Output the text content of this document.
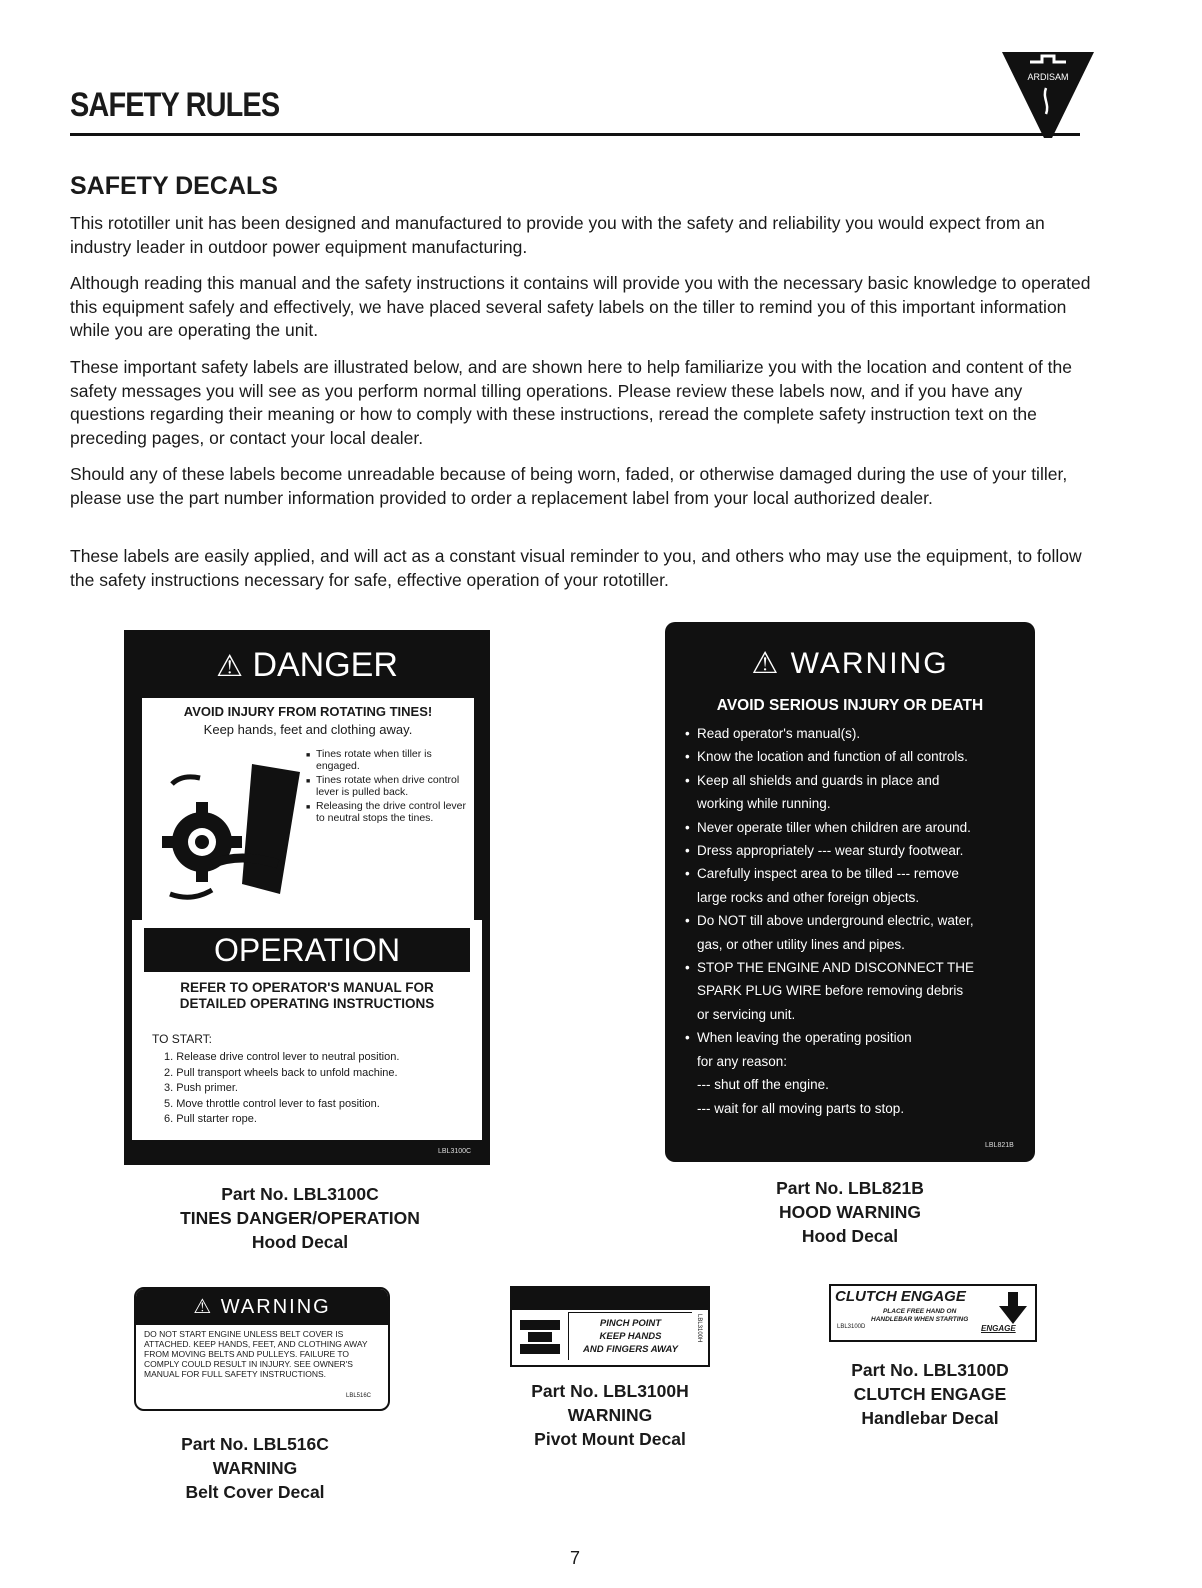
SAFETY RULES
ARDISAM
SAFETY DECALS
This rototiller unit has been designed and manufactured to provide you with the safety and reliability you would expect from an industry leader in outdoor power equipment manufacturing.
Although reading this manual and the safety instructions it contains will provide you with the necessary basic knowledge to operated this equipment safely and effectively, we have placed several safety labels on the tiller to remind you of this important information while you are operating the unit.
These important safety labels are illustrated below, and are shown here to help familiarize you with the location and content of the safety messages you will see as you perform normal tilling operations. Please review these labels now, and if you have any questions regarding their meaning or how to comply with these instructions, reread the complete safety instruction text on the preceding pages, or contact your local dealer.
Should any of these labels become unreadable because of being worn, faded, or otherwise damaged during the use of your tiller, please use the part number information provided to order a replacement label from your local authorized dealer.
These labels are easily applied, and will act as a constant visual reminder to you, and others who may use the equipment, to follow the safety instructions necessary for safe, effective operation of your rototiller.
⚠ DANGER
AVOID INJURY FROM ROTATING TINES!
Keep hands, feet and clothing away.
■ Tines rotate when tiller is engaged.
■ Tines rotate when drive control lever is pulled back.
■ Releasing the drive control lever to neutral stops the tines.
OPERATION
REFER TO OPERATOR'S MANUAL FOR DETAILED OPERATING INSTRUCTIONS
TO START:
1. Release drive control lever to neutral position.
2. Pull transport wheels back to unfold machine.
3. Push primer.
5. Move throttle control lever to fast position.
6. Pull starter rope.
LBL3100C
Part No. LBL3100C
TINES DANGER/OPERATION
Hood Decal
⚠ WARNING
AVOID SERIOUS INJURY OR DEATH
• Read operator's manual(s).
• Know the location and function of all controls.
• Keep all shields and guards in place and
working while running.
• Never operate tiller when children are around.
• Dress appropriately --- wear sturdy footwear.
• Carefully inspect area to be tilled --- remove
large rocks and other foreign objects.
• Do NOT till above underground electric, water,
gas, or other utility lines and pipes.
• STOP THE ENGINE AND DISCONNECT THE
SPARK PLUG WIRE before removing debris
or servicing unit.
• When leaving the operating position
for any reason:
--- shut off the engine.
--- wait for all moving parts to stop.
LBL821B
Part No. LBL821B
HOOD WARNING
Hood Decal
⚠ WARNING
DO NOT START ENGINE UNLESS BELT COVER IS ATTACHED. KEEP HANDS, FEET, AND CLOTHING AWAY FROM MOVING BELTS AND PULLEYS. FAILURE TO COMPLY COULD RESULT IN INJURY. SEE OWNER'S MANUAL FOR FULL SAFETY INSTRUCTIONS.
LBL516C
Part No. LBL516C
WARNING
Belt Cover Decal
PINCH POINT
KEEP HANDS
AND FINGERS AWAY
LBL3100H
Part No. LBL3100H
WARNING
Pivot Mount Decal
CLUTCH ENGAGE
PLACE FREE HAND ON
HANDLEBAR WHEN STARTING
LBL3100D	ENGAGE
Part No. LBL3100D
CLUTCH ENGAGE
Handlebar Decal
7
